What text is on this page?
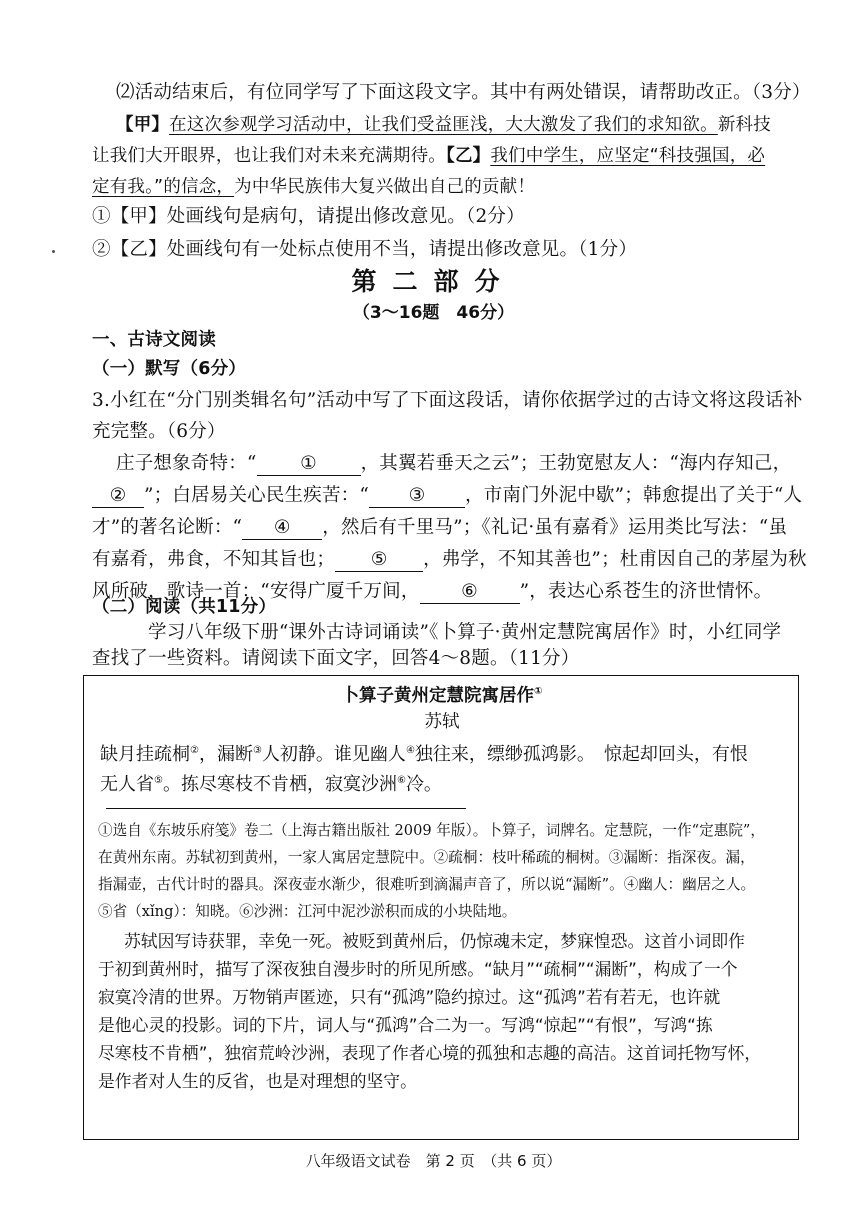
⑵活动结束后，有位同学写了下面这段文字。其中有两处错误，请帮助改正。（3分）
【甲】在这次参观学习活动中，让我们受益匪浅，大大激发了我们的求知欲。新科技
让我们大开眼界，也让我们对未来充满期待。【乙】我们中学生，应坚定“科技强国，必
定有我。”的信念，为中华民族伟大复兴做出自己的贡献！
①【甲】处画线句是病句，请提出修改意见。（2分）
②【乙】处画线句有一处标点使用不当，请提出修改意见。（1分）
第二部分
（3～16题　46分）
一、古诗文阅读
（一）默写（6分）
3.小红在“分门别类辑名句”活动中写了下面这段话，请你依据学过的古诗文将这段话补
充完整。（6分）
庄子想象奇特：“ ① ，其翼若垂天之云”；王勃宽慰友人：“海内存知己，
② ”；白居易关心民生疾苦：“ ③ ，市南门外泥中歇”；韩愈提出了关于“人
才”的著名论断：“ ④ ，然后有千里马”；《礼记·虽有嘉肴》运用类比写法：“虽
有嘉肴，弗食，不知其旨也； ⑤ ，弗学，不知其善也”；杜甫因自己的茅屋为秋
风所破，歌诗一首：“安得广厦千万间， ⑥ ”，表达心系苍生的济世情怀。
（二）阅读（共11分）
学习八年级下册“课外古诗词诵读”《卜算子·黄州定慧院寓居作》时，小红同学
卜算子黄州定慧院寓居作①
苏轼
缺月挂疏桐②，漏断③人初静。谁见幽人④独往来，缥缈孤鸿影。　惊起却回头，有恨
无人省⑤。拣尽寒枝不肯栖，寂寞沙洲⑥冷。
①选自《东坡乐府笺》卷二（上海古籍出版社 2009 年版）。卜算子，词牌名。定慧院，一作“定惠院”，
在黄州东南。苏轼初到黄州，一家人寓居定慧院中。②疏桐：枝叶稀疏的桐树。③漏断：指深夜。漏，
指漏壶，古代计时的器具。深夜壶水渐少，很难听到滴漏声音了，所以说“漏断”。④幽人：幽居之人。
⑤省（xǐng）：知晓。⑥沙洲：江河中泥沙淤积而成的小块陆地。
苏轼因写诗获罪，幸免一死。被贬到黄州后，仍惊魂未定，梦寐惶恐。这首小词即作
于初到黄州时，描写了深夜独自漫步时的所见所感。“缺月”“疏桐”“漏断”，构成了一个
寂寞冷清的世界。万物销声匿迹，只有“孤鸿”隐约掠过。这“孤鸿”若有若无，也许就
是他心灵的投影。词的下片，词人与“孤鸿”合二为一。写鸿“惊起”“有恨”，写鸿“拣
尽寒枝不肯栖”，独宿荒岭沙洲，表现了作者心境的孤独和志趣的高洁。这首词托物写怀，
是作者对人生的反省，也是对理想的坚守。
八年级语文试卷　第 2 页　（共 6 页）
查找了一些资料。请阅读下面文字，回答4～8题。（11分）
